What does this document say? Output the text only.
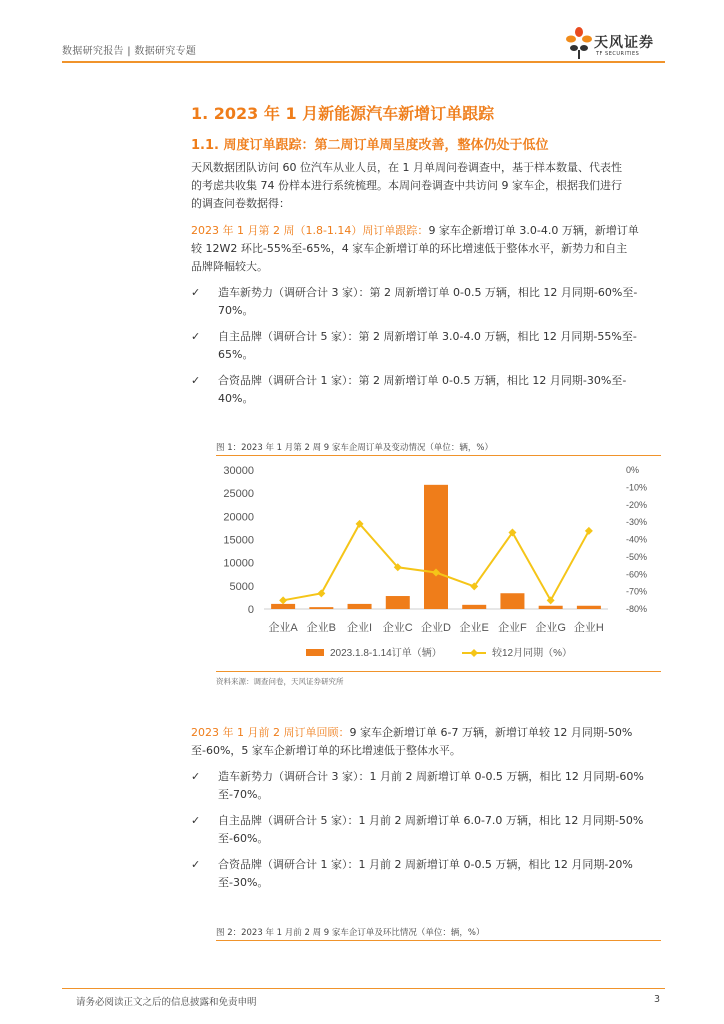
数据研究报告 | 数据研究专题
天风证券
TF SECURITIES
1. 2023 年 1 月新能源汽车新增订单跟踪
1.1. 周度订单跟踪：第二周订单周呈度改善，整体仍处于低位
天风数据团队访问 60 位汽车从业人员，在 1 月单周问卷调查中，基于样本数量、代表性
的考虑共收集 74 份样本进行系统梳理。本周问卷调查中共访问 9 家车企，根据我们进行
的调查问卷数据得：
2023 年 1 月第 2 周（1.8-1.14）周订单跟踪：9 家车企新增订单 3.0-4.0 万辆，新增订单
较 12W2 环比-55%至-65%，4 家车企新增订单的环比增速低于整体水平，新势力和自主
品牌降幅较大。
✓	造车新势力（调研合计 3 家）：第 2 周新增订单 0-0.5 万辆，相比 12 月同期-60%至-
70%。
✓	自主品牌（调研合计 5 家）：第 2 周新增订单 3.0-4.0 万辆，相比 12 月同期-55%至-
65%。
✓	合资品牌（调研合计 1 家）：第 2 周新增订单 0-0.5 万辆，相比 12 月同期-30%至-
40%。
图 1：2023 年 1 月第 2 周 9 家车企周订单及变动情况（单位：辆，%）
30000
25000
20000
15000
10000
5000
0
0%
-10%
-20%
-30%
-40%
-50%
-60%
-70%
-80%
企业A 企业B 企业I 企业C 企业D 企业E 企业F 企业G 企业H
2023.1.8-1.14订单（辆）	较12月同期（%）
资料来源：调查问卷，天风证券研究所
2023 年 1 月前 2 周订单回顾：9 家车企新增订单 6-7 万辆，新增订单较 12 月同期-50%
至-60%，5 家车企新增订单的环比增速低于整体水平。
✓	造车新势力（调研合计 3 家）：1 月前 2 周新增订单 0-0.5 万辆，相比 12 月同期-60%
至-70%。
✓	自主品牌（调研合计 5 家）：1 月前 2 周新增订单 6.0-7.0 万辆，相比 12 月同期-50%
至-60%。
✓	合资品牌（调研合计 1 家）：1 月前 2 周新增订单 0-0.5 万辆，相比 12 月同期-20%
至-30%。
图 2：2023 年 1 月前 2 周 9 家车企订单及环比情况（单位：辆，%）
请务必阅读正文之后的信息披露和免责申明	3
